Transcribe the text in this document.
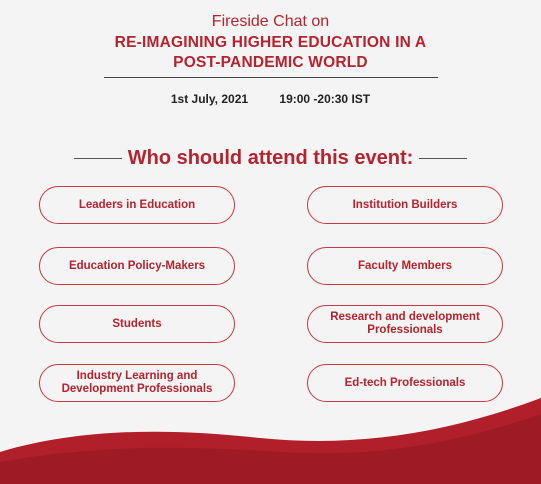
Fireside Chat on
RE-IMAGINING HIGHER EDUCATION IN A
POST-PANDEMIC WORLD
1st July, 2021	19:00 -20:30 IST
Who should attend this event:
Leaders in Education	Institution Builders
Education Policy-Makers	Faculty Members
Students
Research and development
Professionals
Industry Learning and
Development Professionals
Ed-tech Professionals
